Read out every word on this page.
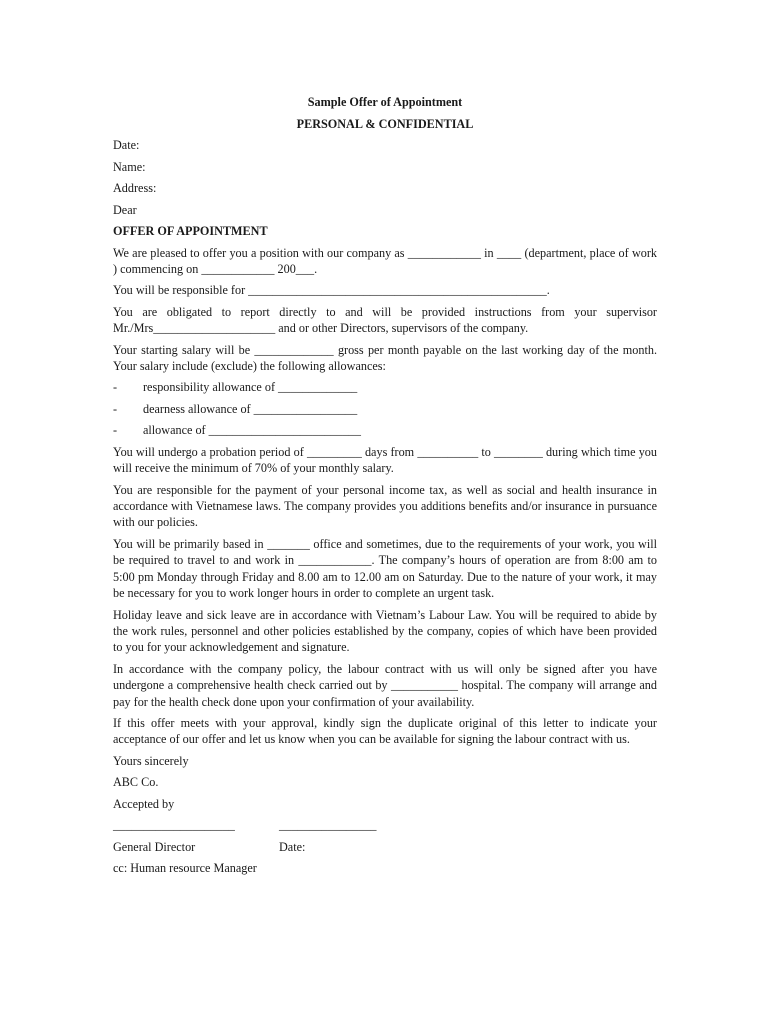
Sample Offer of Appointment

PERSONAL & CONFIDENTIAL

Date:

Name:

Address:

Dear

OFFER OF APPOINTMENT

We are pleased to offer you a position with our company as ____________ in ____ (department, place of work ) commencing on ____________ 200___.

You will be responsible for _________________________________________________.

You are obligated to report directly to and will be provided instructions from your supervisor Mr./Mrs____________________ and or other Directors, supervisors of the company.

Your starting salary will be _____________ gross per month payable on the last working day of the month. Your salary include (exclude) the following allowances:

-	responsibility allowance of _____________
-	dearness allowance of _________________
-	allowance of _________________________

You will undergo a probation period of _________ days from __________ to ________ during which time you will receive the minimum of 70% of your monthly salary.

You are responsible for the payment of your personal income tax, as well as social and health insurance in accordance with Vietnamese laws. The company provides you additions benefits and/or insurance in pursuance with our policies.

You will be primarily based in _______ office and sometimes, due to the requirements of your work, you will be required to travel to and work in ____________. The company’s hours of operation are from 8:00 am to 5:00 pm Monday through Friday and 8.00 am to 12.00 am on Saturday. Due to the nature of your work, it may be necessary for you to work longer hours in order to complete an urgent task.

Holiday leave and sick leave are in accordance with Vietnam’s Labour Law. You will be required to abide by the work rules, personnel and other policies established by the company, copies of which have been provided to you for your acknowledgement and signature.

In accordance with the company policy, the labour contract with us will only be signed after you have undergone a comprehensive health check carried out by ___________ hospital. The company will arrange and pay for the health check done upon your confirmation of your availability.

If this offer meets with your approval, kindly sign the duplicate original of this letter to indicate your acceptance of our offer and let us know when you can be available for signing the labour contract with us.

Yours sincerely

ABC Co.

Accepted by

____________________	________________
General Director	Date:

cc: Human resource Manager
